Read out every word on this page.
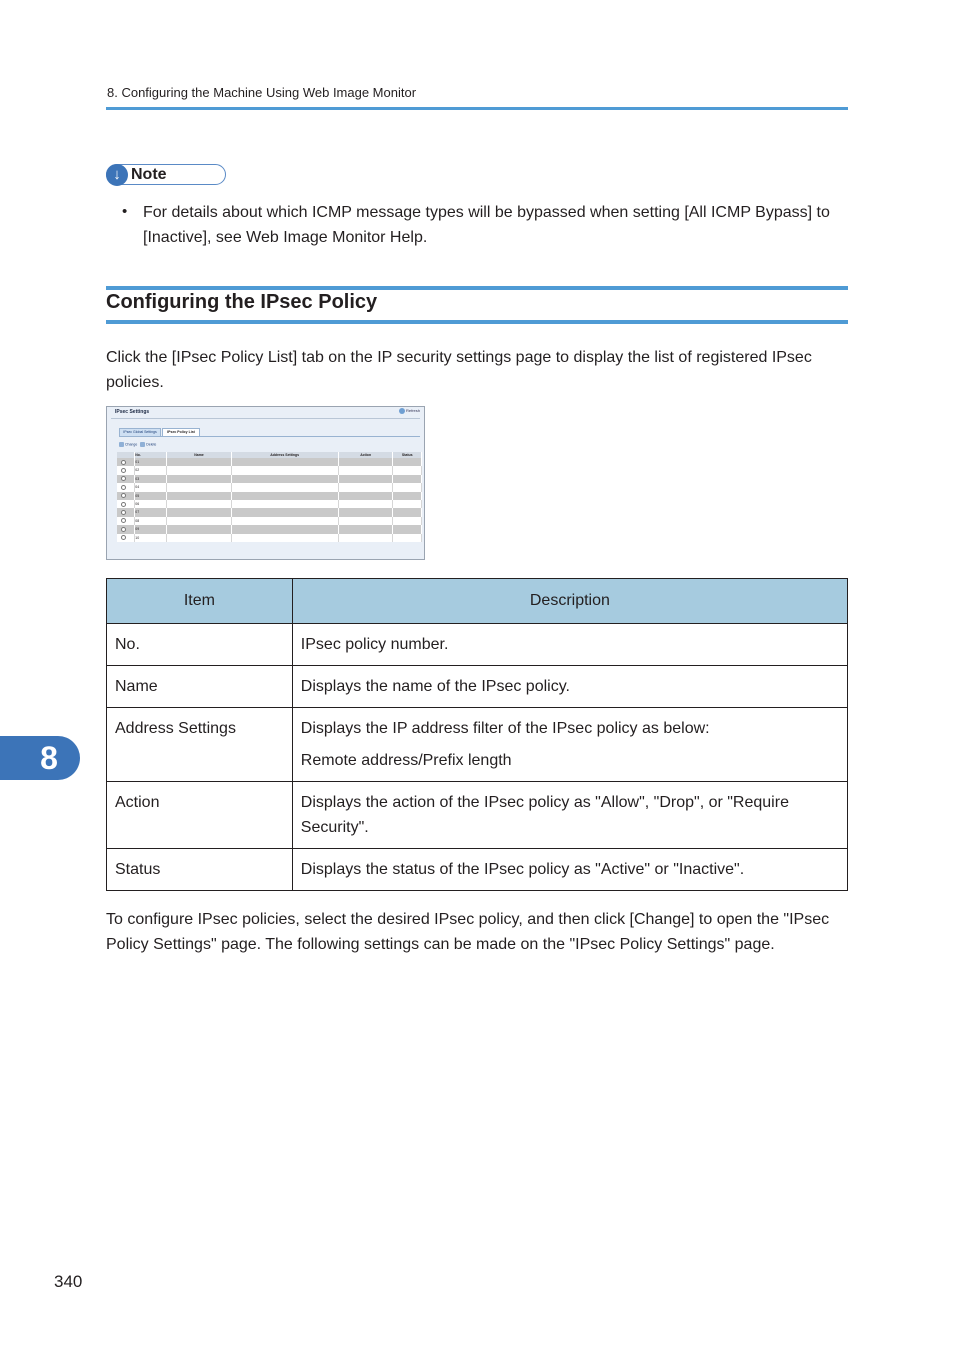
8. Configuring the Machine Using Web Image Monitor
↓ Note
• For details about which ICMP message types will be bypassed when setting [All ICMP Bypass] to [Inactive], see Web Image Monitor Help.
Configuring the IPsec Policy
Click the [IPsec Policy List] tab on the IP security settings page to display the list of registered IPsec policies.
IPsec Settings	Refresh
IPsec Global Settings	IPsec Policy List
Change	Delete
	No.	Name	Address Settings	Action	Status
	01				
	02				
	03				
	04				
	05				
	06				
	07				
	08				
	09				
	10				
Item	Description
No.	IPsec policy number.

Name	Displays the name of the IPsec policy.

Address Settings	Displays the IP address filter of the IPsec policy as below:

Remote address/Prefix length

Action	Displays the action of the IPsec policy as "Allow", "Drop", or "Require Security".

Status	Displays the status of the IPsec policy as "Active" or "Inactive".

To configure IPsec policies, select the desired IPsec policy, and then click [Change] to open the "IPsec Policy Settings" page. The following settings can be made on the "IPsec Policy Settings" page.
8
340
